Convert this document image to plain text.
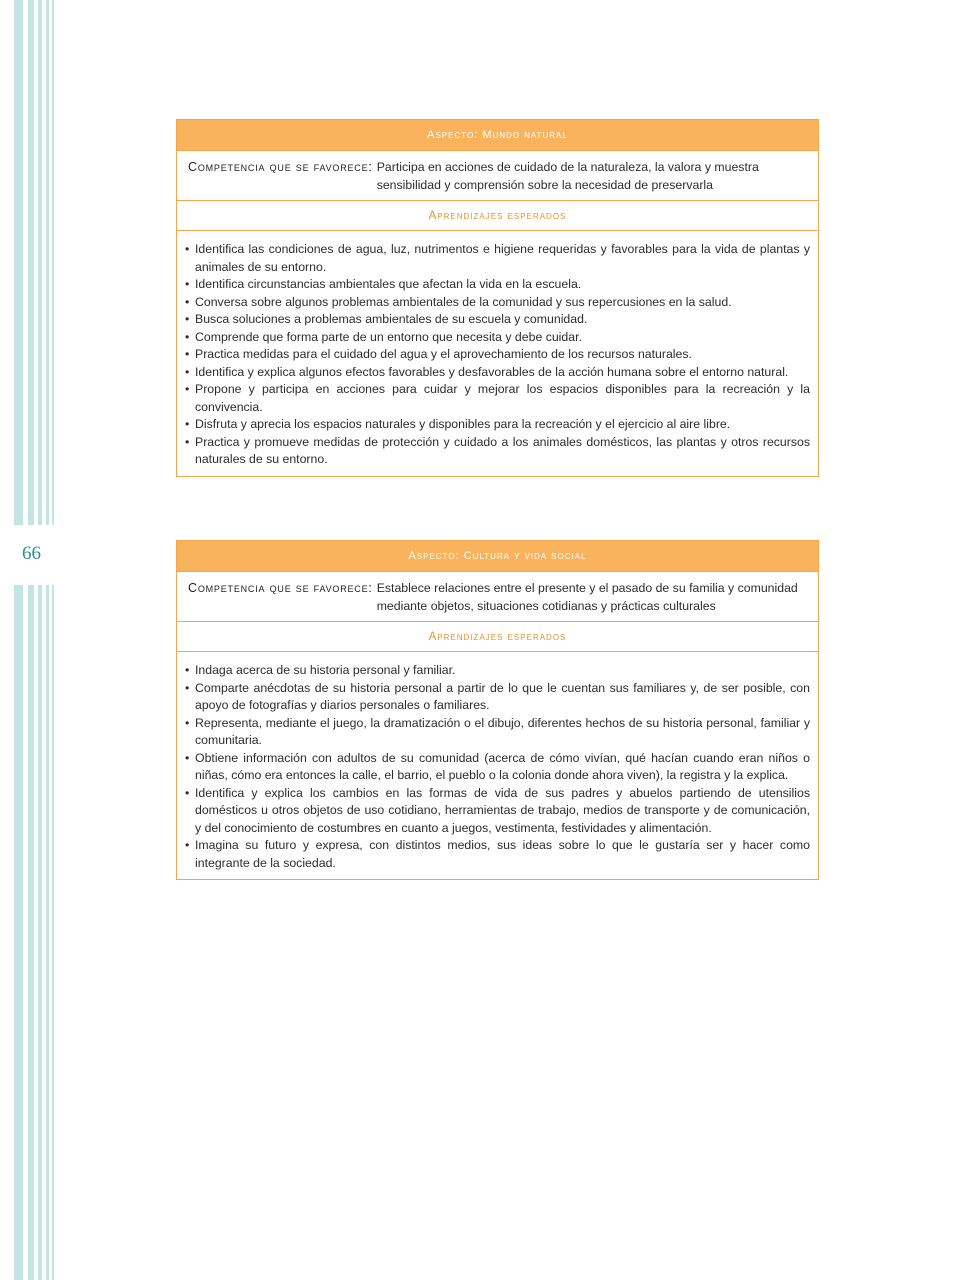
66
Aspecto: Mundo natural
Competencia que se favorece: Participa en acciones de cuidado de la naturaleza, la valora y muestra sensibilidad y comprensión sobre la necesidad de preservarla
Aprendizajes esperados
• Identifica las condiciones de agua, luz, nutrimentos e higiene requeridas y favorables para la vida de plantas y animales de su entorno.
• Identifica circunstancias ambientales que afectan la vida en la escuela.
• Conversa sobre algunos problemas ambientales de la comunidad y sus repercusiones en la salud.
• Busca soluciones a problemas ambientales de su escuela y comunidad.
• Comprende que forma parte de un entorno que necesita y debe cuidar.
• Practica medidas para el cuidado del agua y el aprovechamiento de los recursos naturales.
• Identifica y explica algunos efectos favorables y desfavorables de la acción humana sobre el entorno natural.
• Propone y participa en acciones para cuidar y mejorar los espacios disponibles para la recreación y la convivencia.
• Disfruta y aprecia los espacios naturales y disponibles para la recreación y el ejercicio al aire libre.
• Practica y promueve medidas de protección y cuidado a los animales domésticos, las plantas y otros recursos naturales de su entorno.
Aspecto: Cultura y vida social
Competencia que se favorece: Establece relaciones entre el presente y el pasado de su familia y comunidad mediante objetos, situaciones cotidianas y prácticas culturales
Aprendizajes esperados
• Indaga acerca de su historia personal y familiar.
• Comparte anécdotas de su historia personal a partir de lo que le cuentan sus familiares y, de ser posible, con apoyo de fotografías y diarios personales o familiares.
• Representa, mediante el juego, la dramatización o el dibujo, diferentes hechos de su historia personal, familiar y comunitaria.
• Obtiene información con adultos de su comunidad (acerca de cómo vivían, qué hacían cuando eran niños o niñas, cómo era entonces la calle, el barrio, el pueblo o la colonia donde ahora viven), la registra y la explica.
• Identifica y explica los cambios en las formas de vida de sus padres y abuelos partiendo de utensilios domésticos u otros objetos de uso cotidiano, herramientas de trabajo, medios de transporte y de comunicación, y del conocimiento de costumbres en cuanto a juegos, vestimenta, festividades y alimentación.
• Imagina su futuro y expresa, con distintos medios, sus ideas sobre lo que le gustaría ser y hacer como integrante de la sociedad.
